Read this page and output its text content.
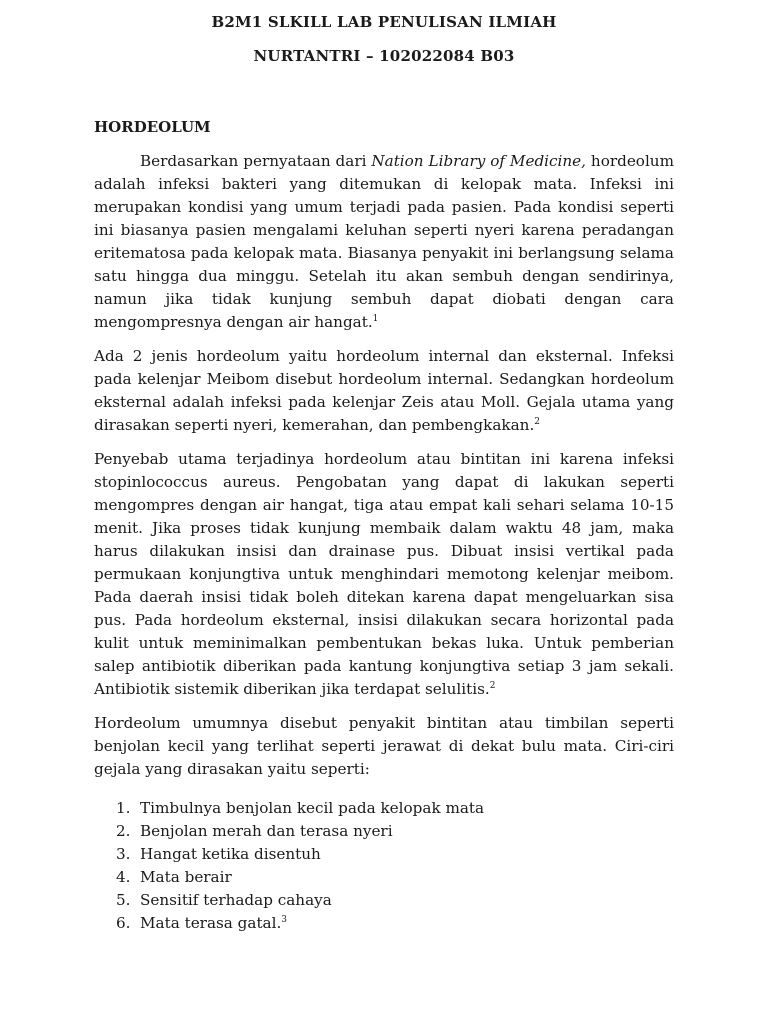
B2M1 SLKILL LAB PENULISAN ILMIAH
NURTANTRI – 102022084 B03
HORDEOLUM

Berdasarkan pernyataan dari Nation Library of Medicine, hordeolum adalah infeksi bakteri yang ditemukan di kelopak mata. Infeksi ini merupakan kondisi yang umum terjadi pada pasien. Pada kondisi seperti ini biasanya pasien mengalami keluhan seperti nyeri karena peradangan eritematosa pada kelopak mata. Biasanya penyakit ini berlangsung selama satu hingga dua minggu. Setelah itu akan sembuh dengan sendirinya, namun jika tidak kunjung sembuh dapat diobati dengan cara mengompresnya dengan air hangat.$^1$

Ada 2 jenis hordeolum yaitu hordeolum internal dan eksternal. Infeksi pada kelenjar Meibom disebut hordeolum internal. Sedangkan hordeolum eksternal adalah infeksi pada kelenjar Zeis atau Moll. Gejala utama yang dirasakan seperti nyeri, kemerahan, dan pembengkakan.$^2$

Penyebab utama terjadinya hordeolum atau bintitan ini karena infeksi stopinlococcus aureus. Pengobatan yang dapat di lakukan seperti mengompres dengan air hangat, tiga atau empat kali sehari selama 10-15 menit. Jika proses tidak kunjung membaik dalam waktu 48 jam, maka harus dilakukan insisi dan drainase pus. Dibuat insisi vertikal pada permukaan konjungtiva untuk menghindari memotong kelenjar meibom. Pada daerah insisi tidak boleh ditekan karena dapat mengeluarkan sisa pus. Pada hordeolum eksternal, insisi dilakukan secara horizontal pada kulit untuk meminimalkan pembentukan bekas luka. Untuk pemberian salep antibiotik diberikan pada kantung konjungtiva setiap 3 jam sekali. Antibiotik sistemik diberikan jika terdapat selulitis.$^2$

Hordeolum umumnya disebut penyakit bintitan atau timbilan seperti benjolan kecil yang terlihat seperti jerawat di dekat bulu mata. Ciri-ciri gejala yang dirasakan yaitu seperti:

1. Timbulnya benjolan kecil pada kelopak mata
2. Benjolan merah dan terasa nyeri
3. Hangat ketika disentuh
4. Mata berair
5. Sensitif terhadap cahaya
6. Mata terasa gatal.$^3$
